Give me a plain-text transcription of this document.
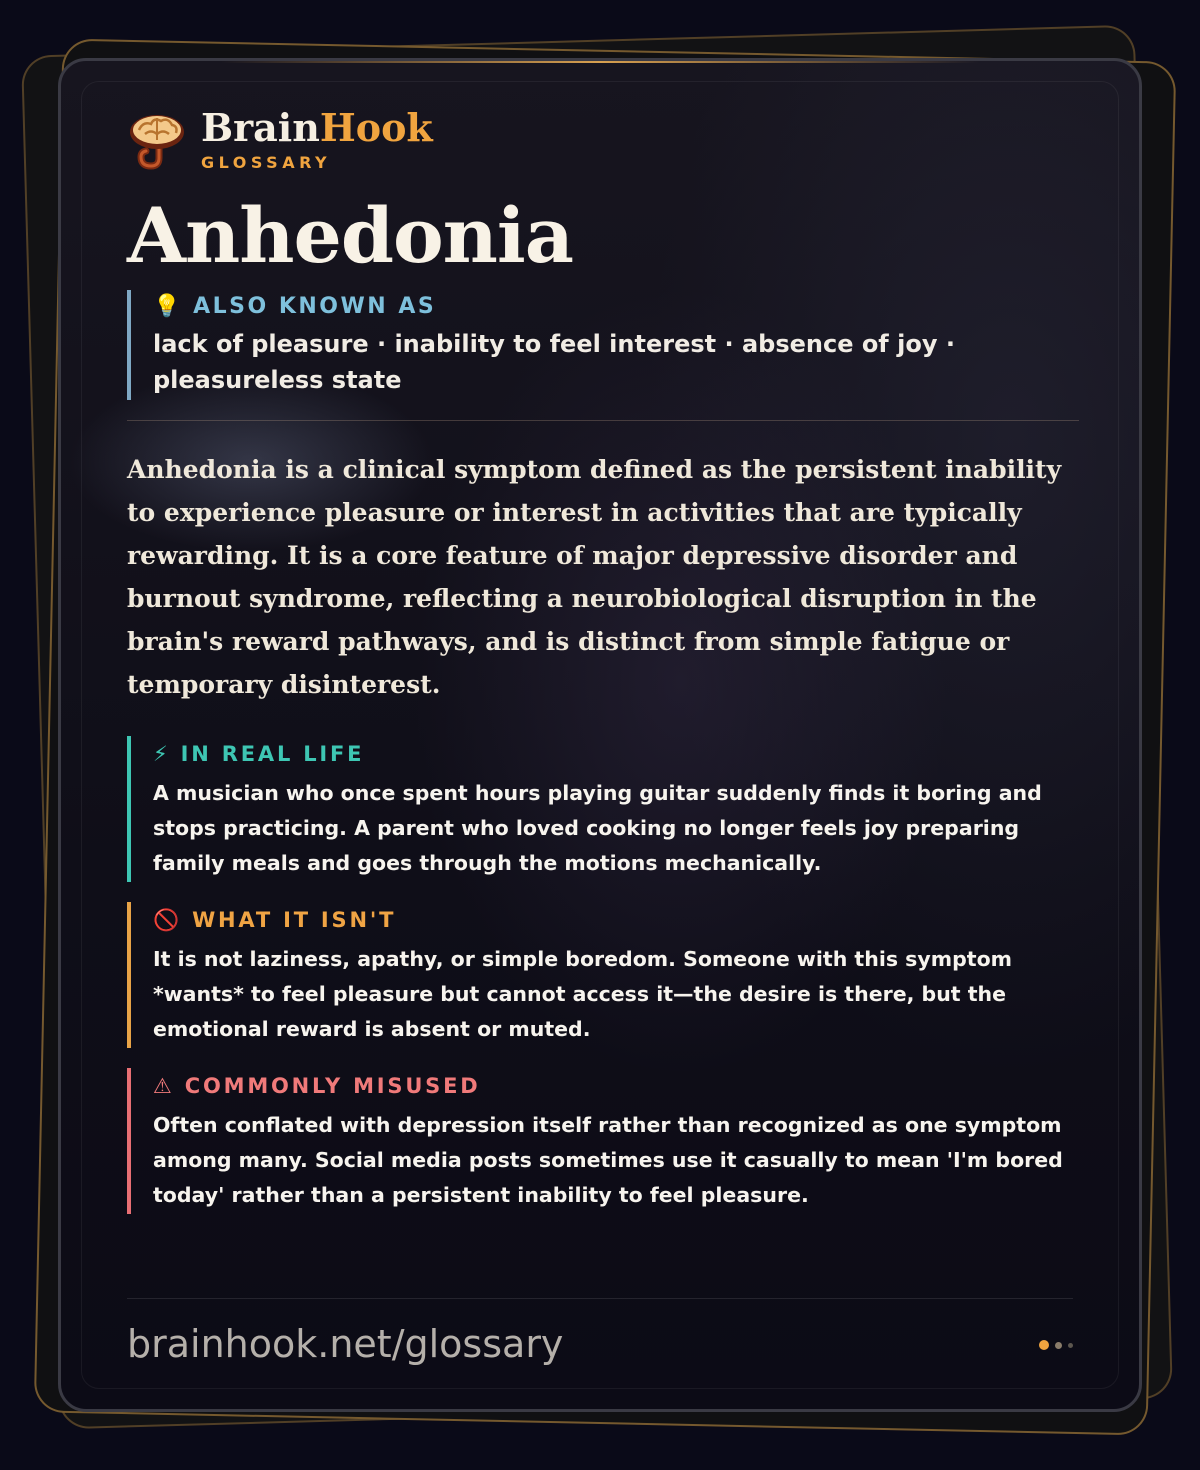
BrainHook
GLOSSARY
Anhedonia
💡 ALSO KNOWN AS
lack of pleasure · inability to feel interest · absence of joy · pleasureless state
Anhedonia is a clinical symptom defined as the persistent inability to experience pleasure or interest in activities that are typically rewarding. It is a core feature of major depressive disorder and burnout syndrome, reflecting a neurobiological disruption in the brain's reward pathways, and is distinct from simple fatigue or temporary disinterest.
⚡ IN REAL LIFE
A musician who once spent hours playing guitar suddenly finds it boring and stops practicing. A parent who loved cooking no longer feels joy preparing family meals and goes through the motions mechanically.
🚫 WHAT IT ISN'T
It is not laziness, apathy, or simple boredom. Someone with this symptom *wants* to feel pleasure but cannot access it—the desire is there, but the emotional reward is absent or muted.
⚠ COMMONLY MISUSED
Often conflated with depression itself rather than recognized as one symptom among many. Social media posts sometimes use it casually to mean 'I'm bored today' rather than a persistent inability to feel pleasure.
brainhook.net/glossary
